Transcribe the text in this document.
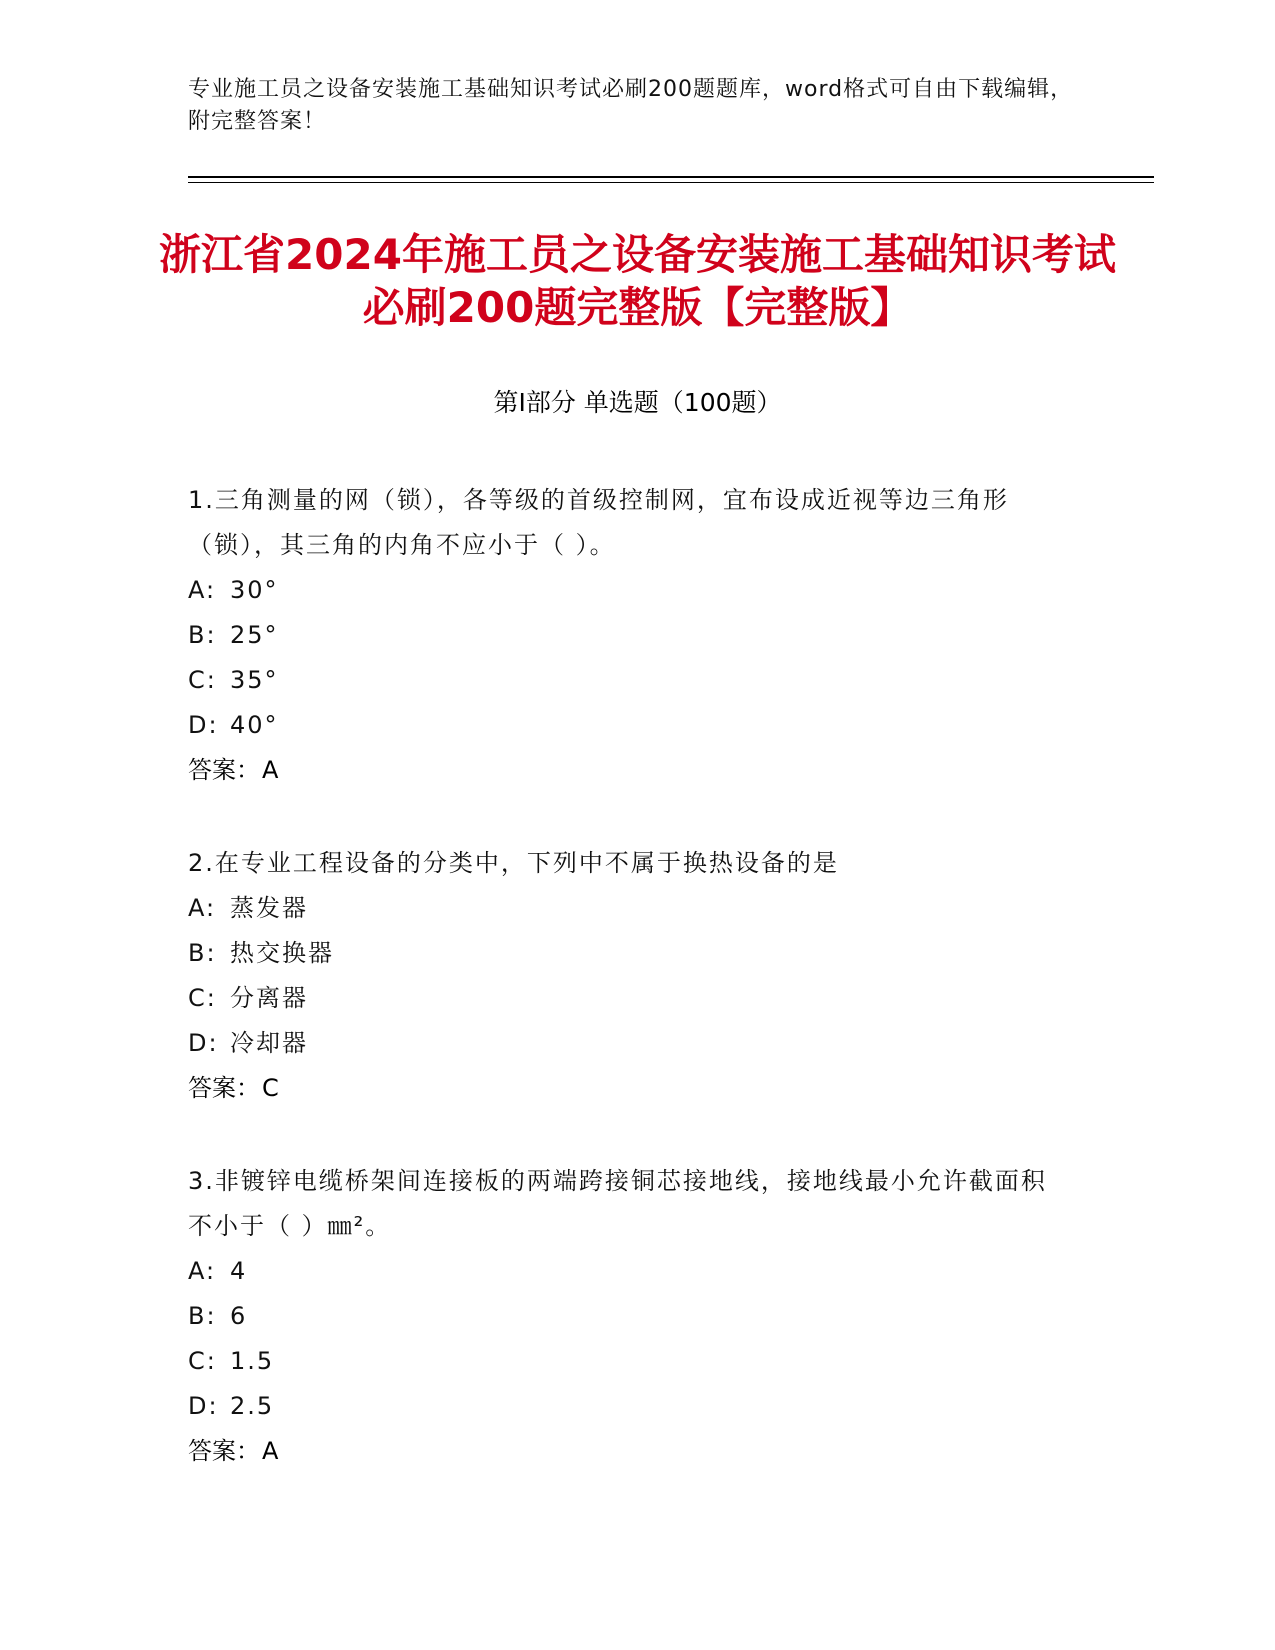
专业施工员之设备安装施工基础知识考试必刷200题题库，word格式可自由下载编辑，附完整答案！
浙江省2024年施工员之设备安装施工基础知识考试必刷200题完整版【完整版】
第Ⅰ部分 单选题（100题）
1.三角测量的网（锁），各等级的首级控制网，宜布设成近视等边三角形（锁），其三角的内角不应小于（ ）。
A: 30°
B: 25°
C: 35°
D: 40°
答案：A
2.在专业工程设备的分类中，下列中不属于换热设备的是
A: 蒸发器
B: 热交换器
C: 分离器
D: 冷却器
答案：C
3.非镀锌电缆桥架间连接板的两端跨接铜芯接地线，接地线最小允许截面积不小于（ ）㎜²。
A: 4
B: 6
C: 1.5
D: 2.5
答案：A
